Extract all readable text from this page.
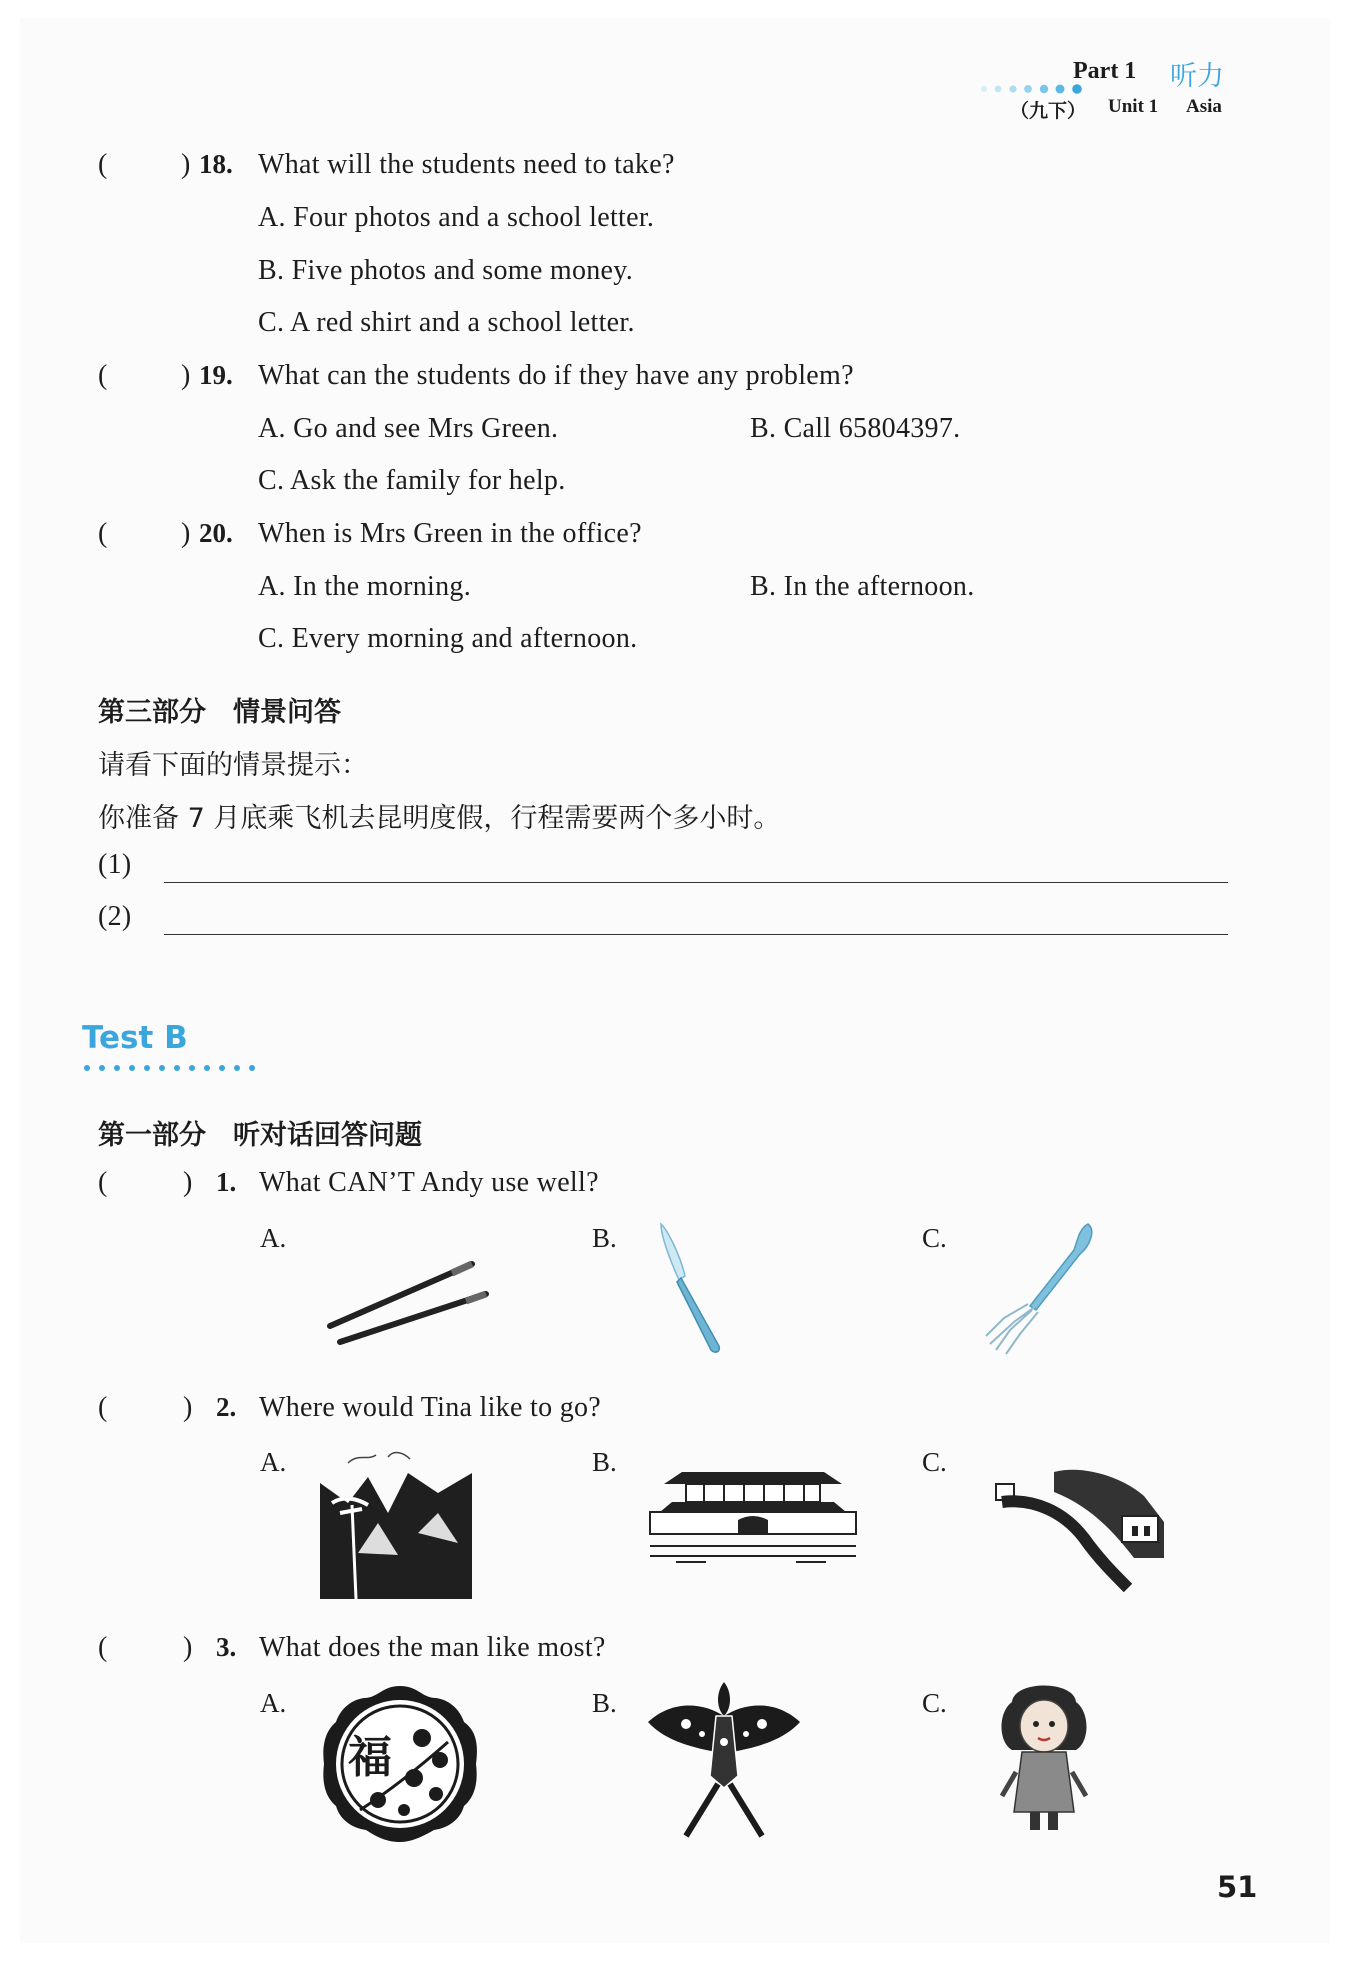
Part 1 听力
（九下） Unit 1 Asia
(	) 18. What will the students need to take?
A. Four photos and a school letter.
B. Five photos and some money.
C. A red shirt and a school letter.
(	) 19. What can the students do if they have any problem?
A. Go and see Mrs Green.	B. Call 65804397.
C. Ask the family for help.
(	) 20. When is Mrs Green in the office?
A. In the morning.	B. In the afternoon.
C. Every morning and afternoon.
第三部分　情景问答
请看下面的情景提示：
你准备 7 月底乘飞机去昆明度假，行程需要两个多小时。
(1)
(2)
Test B
第一部分　听对话回答问题
(	) 1. What CAN’T Andy use well?
A.	B.	C.
(	) 2. Where would Tina like to go?
A.	B.	C.
(	) 3. What does the man like most?
A.	B.	C.
福
51
